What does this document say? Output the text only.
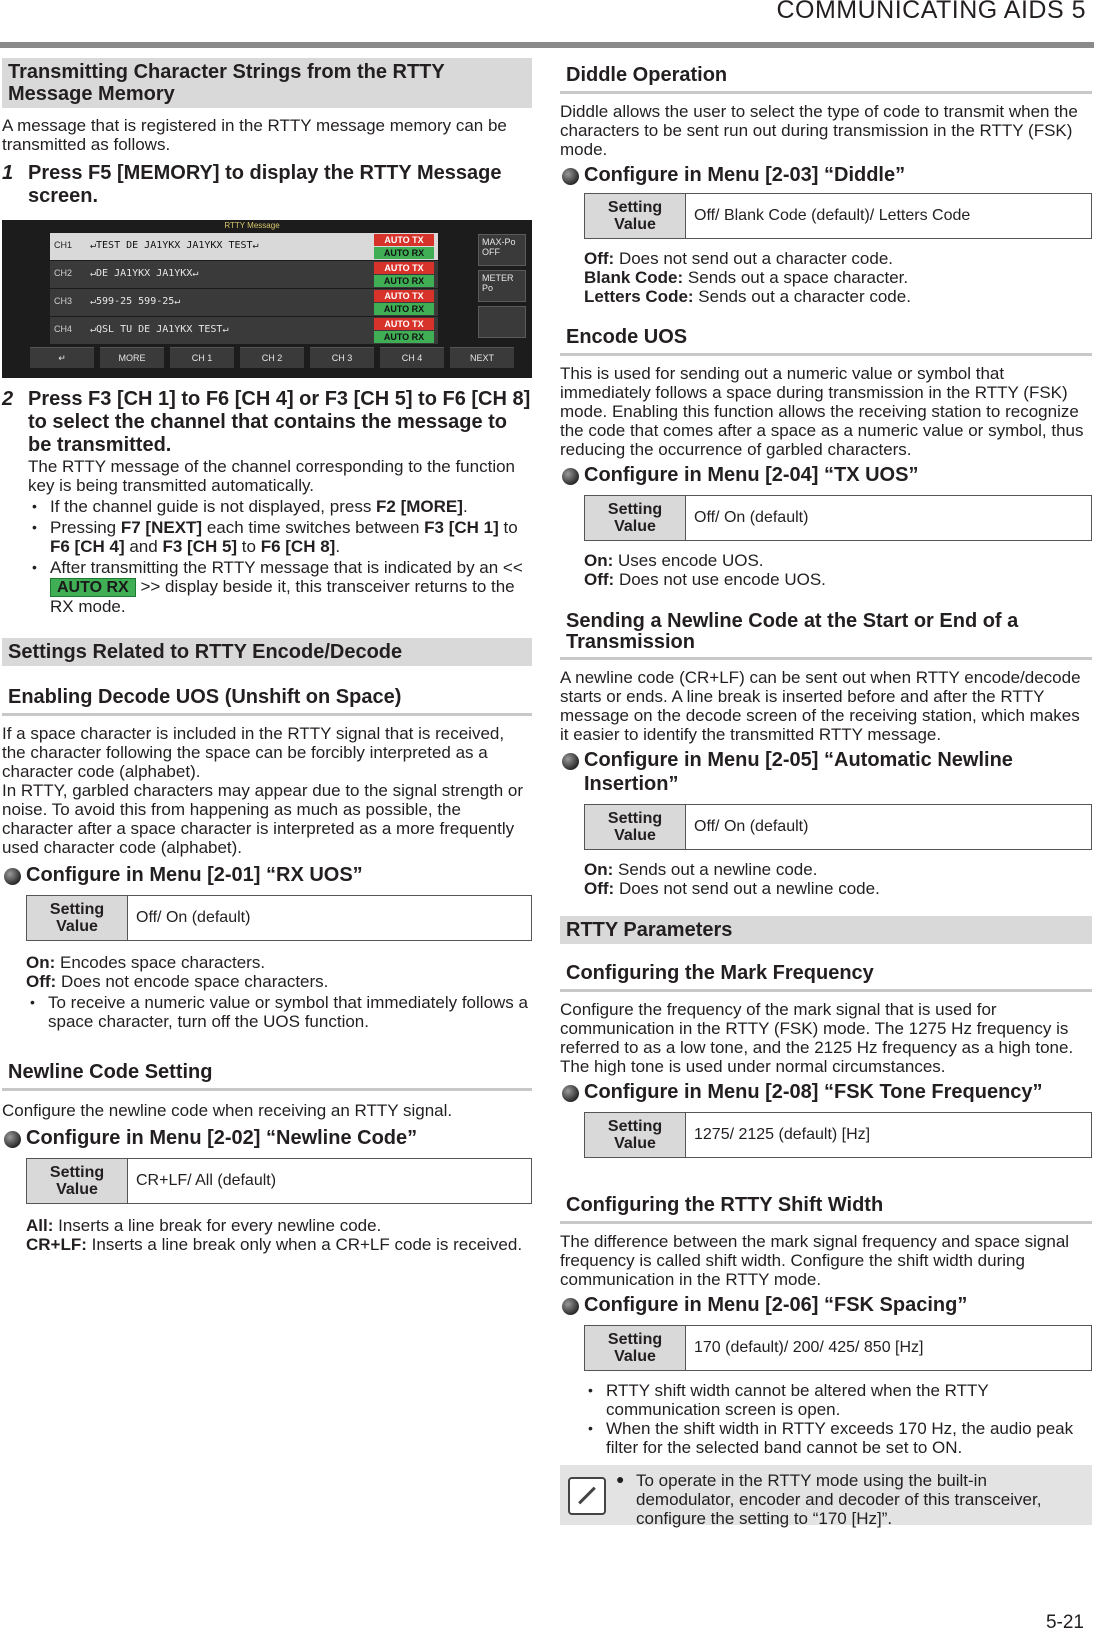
COMMUNICATING AIDS 5
Transmitting Character Strings from the RTTY Message Memory

A message that is registered in the RTTY message memory can be transmitted as follows.

1 Press F5 [MEMORY] to display the RTTY Message screen.
RTTY Message
CH1 ↵TEST DE JA1YKX JA1YKX TEST↵	AUTO TX
AUTO RX
CH2 ↵DE JA1YKX JA1YKX↵	AUTO TX
AUTO RX
CH3 ↵599-25 599-25↵	AUTO TX
AUTO RX
CH4 ↵QSL TU DE JA1YKX TEST↵	AUTO TX
AUTO RX
MAX-Po OFF
METER Po
↵	MORE	CH 1	CH 2	CH 3	CH 4	NEXT
2 Press F3 [CH 1] to F6 [CH 4] or F3 [CH 5] to F6 [CH 8] to select the channel that contains the message to be transmitted.

The RTTY message of the channel corresponding to the function key is being transmitted automatically.

• If the channel guide is not displayed, press F2 [MORE].
• Pressing F7 [NEXT] each time switches between F3 [CH 1] to F6 [CH 4] and F3 [CH 5] to F6 [CH 8].
• After transmitting the RTTY message that is indicated by an << AUTO RX >> display beside it, this transceiver returns to the RX mode.
Settings Related to RTTY Encode/Decode
Enabling Decode UOS (Unshift on Space)

If a space character is included in the RTTY signal that is received, the character following the space can be forcibly interpreted as a character code (alphabet).

In RTTY, garbled characters may appear due to the signal strength or noise. To avoid this from happening as much as possible, the character after a space character is interpreted as a more frequently used character code (alphabet).

Configure in Menu [2-01] “RX UOS”
Setting Value
Off/ On (default)
On: Encodes space characters.
Off: Does not encode space characters.
• To receive a numeric value or symbol that immediately follows a space character, turn off the UOS function.
Newline Code Setting

Configure the newline code when receiving an RTTY signal.

Configure in Menu [2-02] “Newline Code”
Setting Value
CR+LF/ All (default)
All: Inserts a line break for every newline code.
CR+LF: Inserts a line break only when a CR+LF code is received.
Diddle Operation

Diddle allows the user to select the type of code to transmit when the characters to be sent run out during transmission in the RTTY (FSK) mode.

Configure in Menu [2-03] “Diddle”
Setting Value
Off/ Blank Code (default)/ Letters Code
Off: Does not send out a character code.
Blank Code: Sends out a space character.
Letters Code: Sends out a character code.
Encode UOS

This is used for sending out a numeric value or symbol that immediately follows a space during transmission in the RTTY (FSK) mode. Enabling this function allows the receiving station to recognize the code that comes after a space as a numeric value or symbol, thus reducing the occurrence of garbled characters.

Configure in Menu [2-04] “TX UOS”
Setting Value
Off/ On (default)
On: Uses encode UOS.
Off: Does not use encode UOS.
Sending a Newline Code at the Start or End of a Transmission

A newline code (CR+LF) can be sent out when RTTY encode/decode starts or ends. A line break is inserted before and after the RTTY message on the decode screen of the receiving station, which makes it easier to identify the transmitted RTTY message.

Configure in Menu [2-05] “Automatic Newline Insertion”
Setting Value
Off/ On (default)
On: Sends out a newline code.
Off: Does not send out a newline code.
RTTY Parameters
Configuring the Mark Frequency

Configure the frequency of the mark signal that is used for communication in the RTTY (FSK) mode. The 1275 Hz frequency is referred to as a low tone, and the 2125 Hz frequency as a high tone. The high tone is used under normal circumstances.

Configure in Menu [2-08] “FSK Tone Frequency”
Setting Value
1275/ 2125 (default) [Hz]
Configuring the RTTY Shift Width

The difference between the mark signal frequency and space signal frequency is called shift width. Configure the shift width during communication in the RTTY mode.

Configure in Menu [2-06] “FSK Spacing”
Setting Value
170 (default)/ 200/ 425/ 850 [Hz]
• RTTY shift width cannot be altered when the RTTY communication screen is open.
• When the shift width in RTTY exceeds 170 Hz, the audio peak filter for the selected band cannot be set to ON.
● To operate in the RTTY mode using the built-in demodulator, encoder and decoder of this transceiver, configure the setting to “170 [Hz]”.
5-21
